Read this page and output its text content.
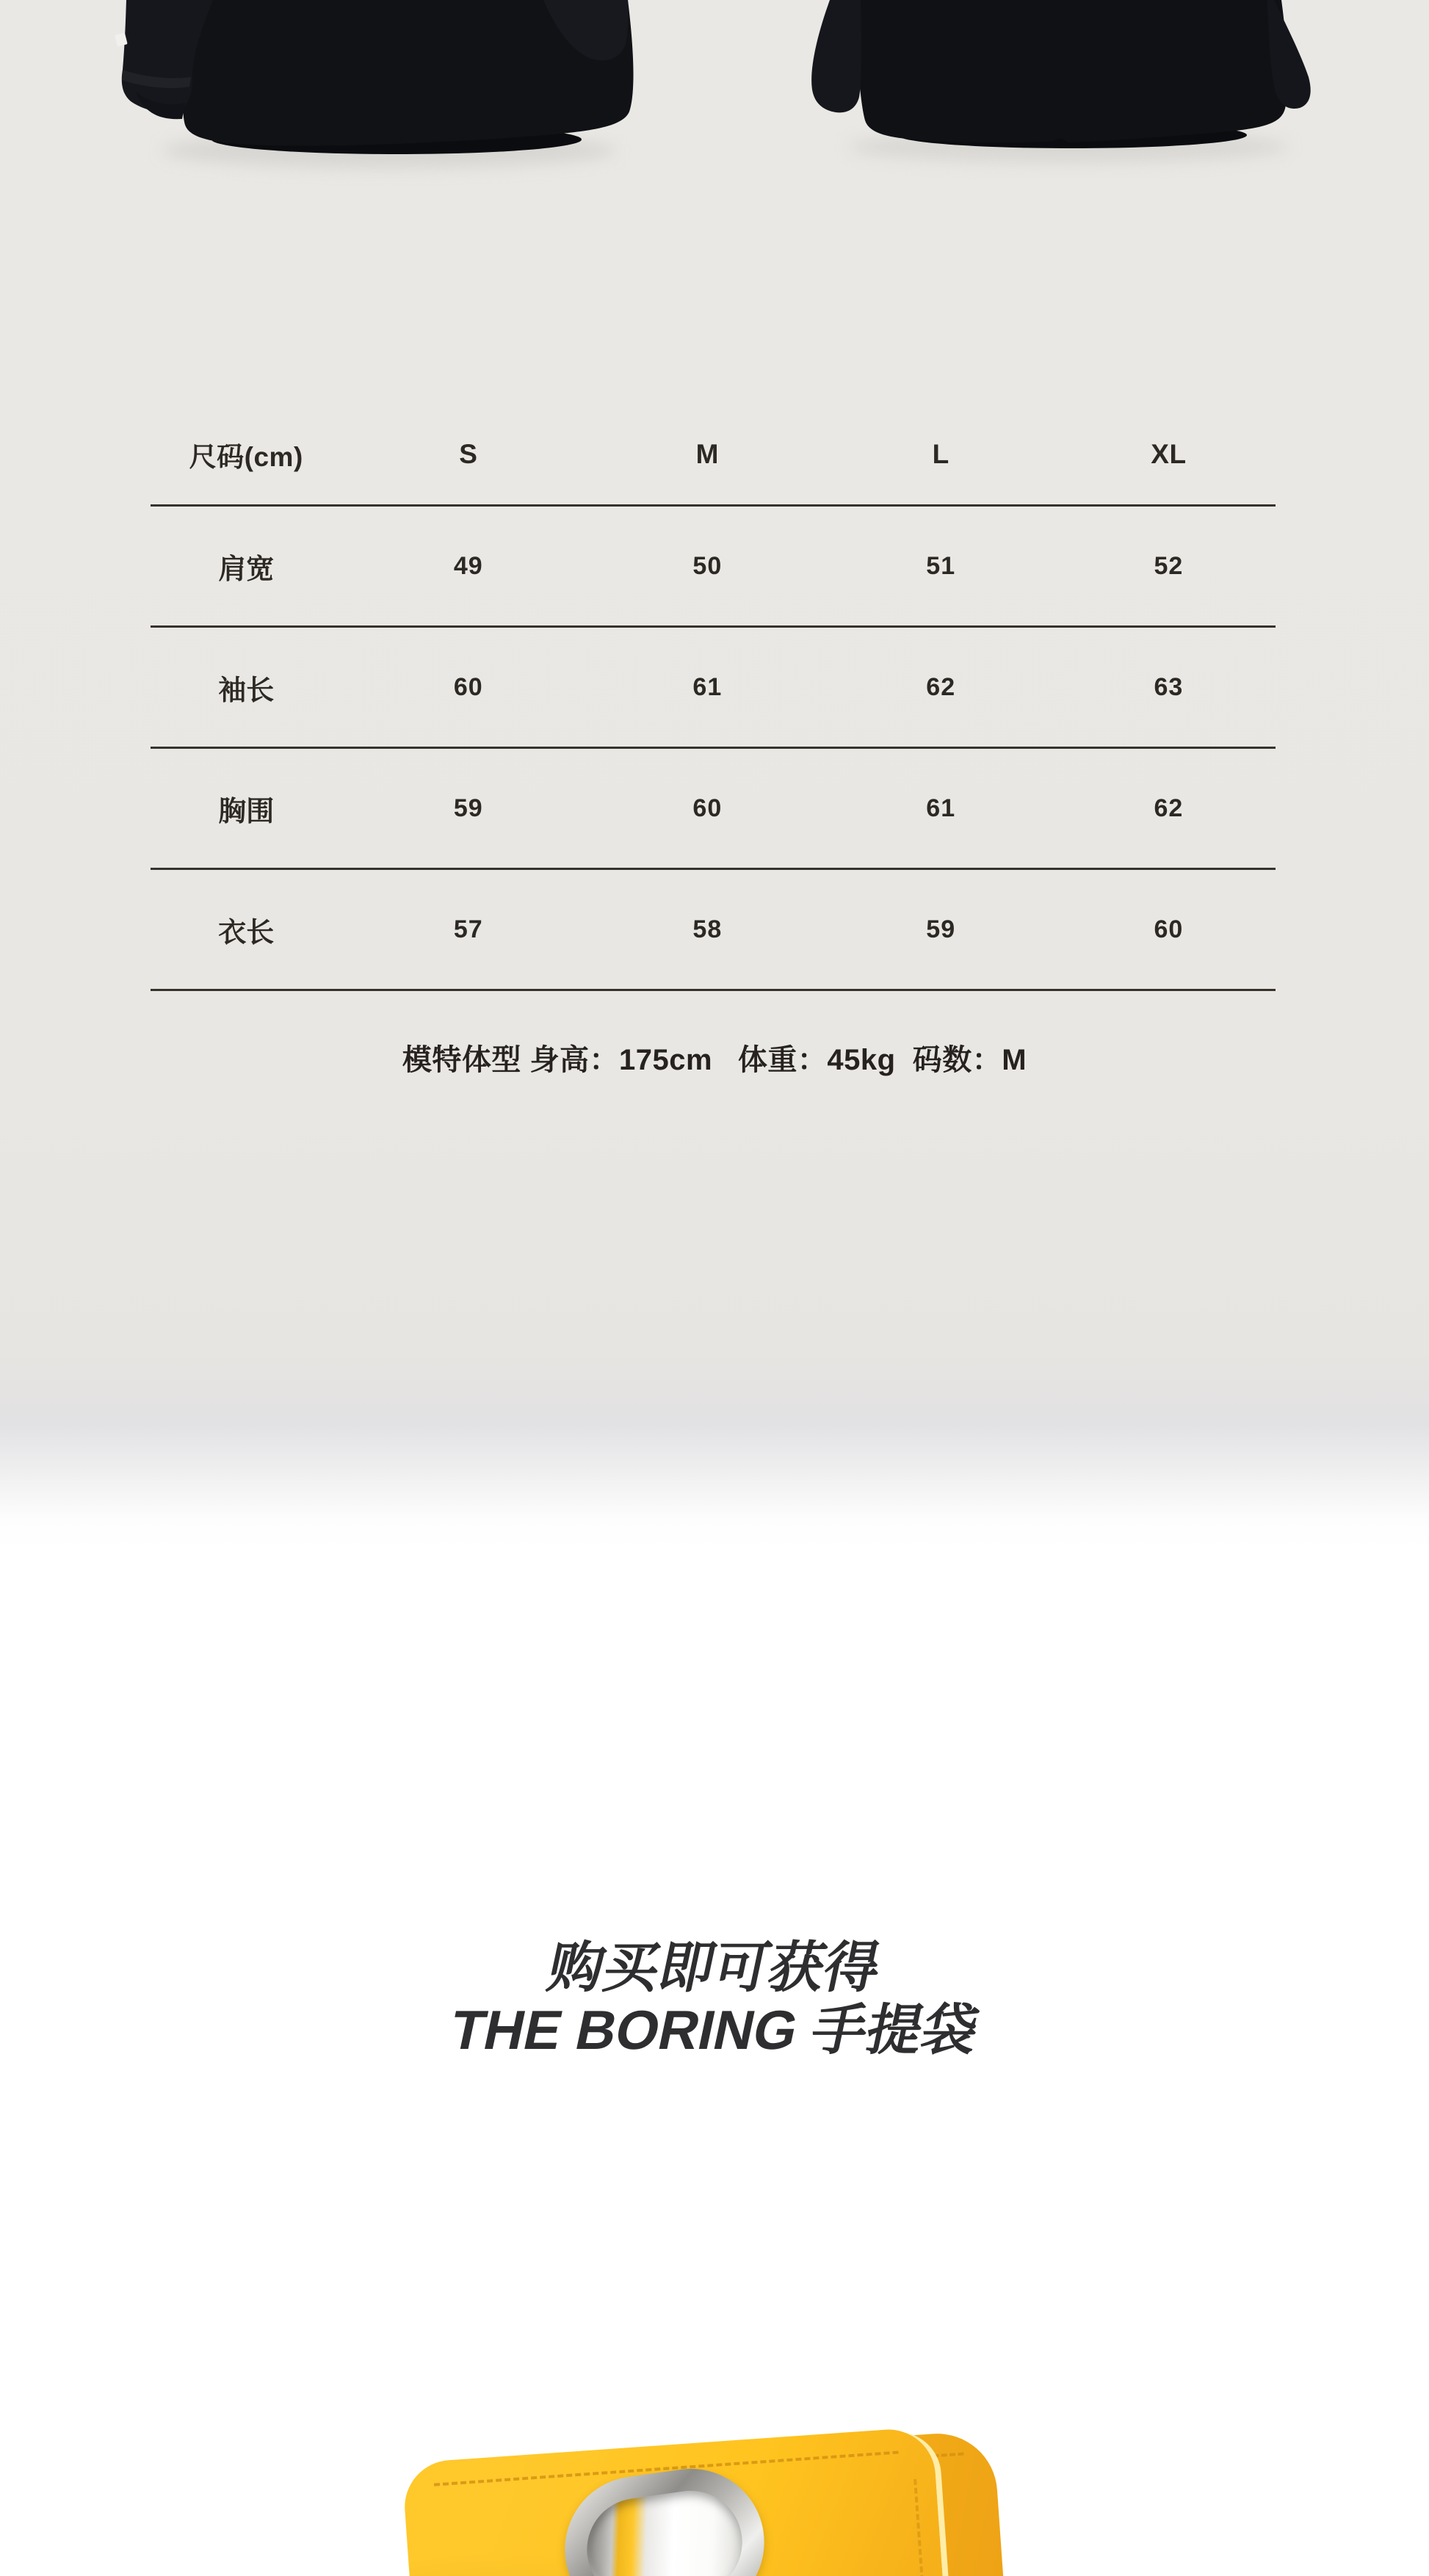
尺码(cm)	S	M	L	XL
肩宽	49	50	51	52
袖长	60	61	62	63
胸围	59	60	61	62
衣长	57	58	59	60
模特体型 身高：175cm   体重：45kg  码数：M
购买即可获得
THE BORING 手提袋
